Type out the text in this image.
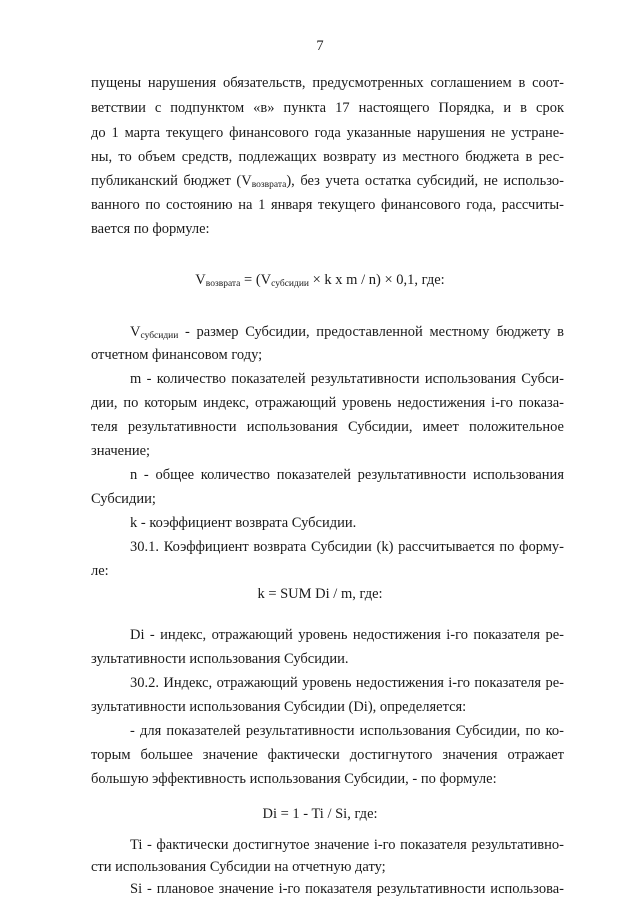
7
пущены нарушения обязательств, предусмотренных соглашением в соот-
ветствии с подпунктом «в» пункта 17 настоящего Порядка, и в срок
до 1 марта текущего финансового года указанные нарушения не устране-
ны, то объем средств, подлежащих возврату из местного бюджета в рес-
публиканский бюджет $(V_{возврата})$, без учета остатка субсидий, не использо-
ваннoго по состоянию на 1 января текущего финансового года, рассчиты-
вается по формуле:
$V_{возврата} = (V_{субсидии} \times k$ x m / n) × 0,1, где:
$V_{субсидии}$ - размер Субсидии, предоставленной местному бюджету в
отчетном финансовом году;
m - количество показателей результативности использования Субси-
дии, по которым индекс, отражающий уровень недостижения i-го показа-
теля результативности использования Субсидии, имеет положительное
значение;
n - общее количество показателей результативности использования
Субсидии;
k - коэффициент возврата Субсидии.
30.1. Коэффициент возврата Субсидии (k) рассчитывается по форму-
ле:
k = SUM Di / m, где:
Di - индекс, отражающий уровень недостижения i-го показателя ре-
зультативности использования Субсидии.
30.2. Индекс, отражающий уровень недостижения i-го показателя ре-
зультативности использования Субсидии (Di), определяется:
- для показателей результативности использования Субсидии, по ко-
торым большее значение фактически достигнутого значения отражает
большую эффективность использования Субсидии, - по формуле:
Di = 1 - Ti / Si, где:
Ti - фактически достигнутое значение i-го показателя результативно-
сти использования Субсидии на отчетную дату;
Si - плановое значение i-го показателя результативности использова-
